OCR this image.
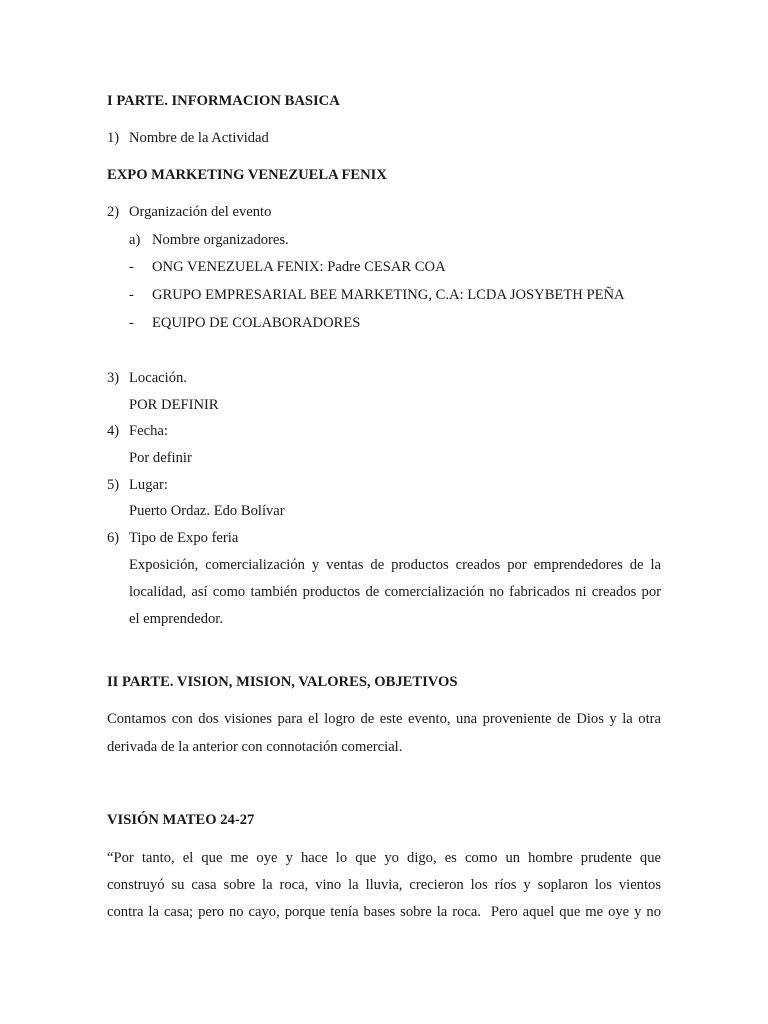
I PARTE. INFORMACION BASICA
1) Nombre de la Actividad
EXPO MARKETING VENEZUELA FENIX
2) Organización del evento
a) Nombre organizadores.
- ONG VENEZUELA FENIX: Padre CESAR COA
- GRUPO EMPRESARIAL BEE MARKETING, C.A: LCDA JOSYBETH PEÑA
- EQUIPO DE COLABORADORES
3) Locación.
POR DEFINIR
4) Fecha:
Por definir
5) Lugar:
Puerto Ordaz. Edo Bolívar
6) Tipo de Expo feria
Exposición, comercialización y ventas de productos creados por emprendedores de la
localidad, así como también productos de comercialización no fabricados ni creados por
el emprendedor.
II PARTE. VISION, MISION, VALORES, OBJETIVOS
Contamos con dos visiones para el logro de este evento, una proveniente de Dios y la otra
derivada de la anterior con connotación comercial.
VISIÓN MATEO 24-27
“Por tanto, el que me oye y hace lo que yo digo, es como un hombre prudente que
construyó su casa sobre la roca, vino la lluvia, crecieron los ríos y soplaron los vientos
contra la casa; pero no cayo, porque tenía bases sobre la roca.  Pero aquel que me oye y no
